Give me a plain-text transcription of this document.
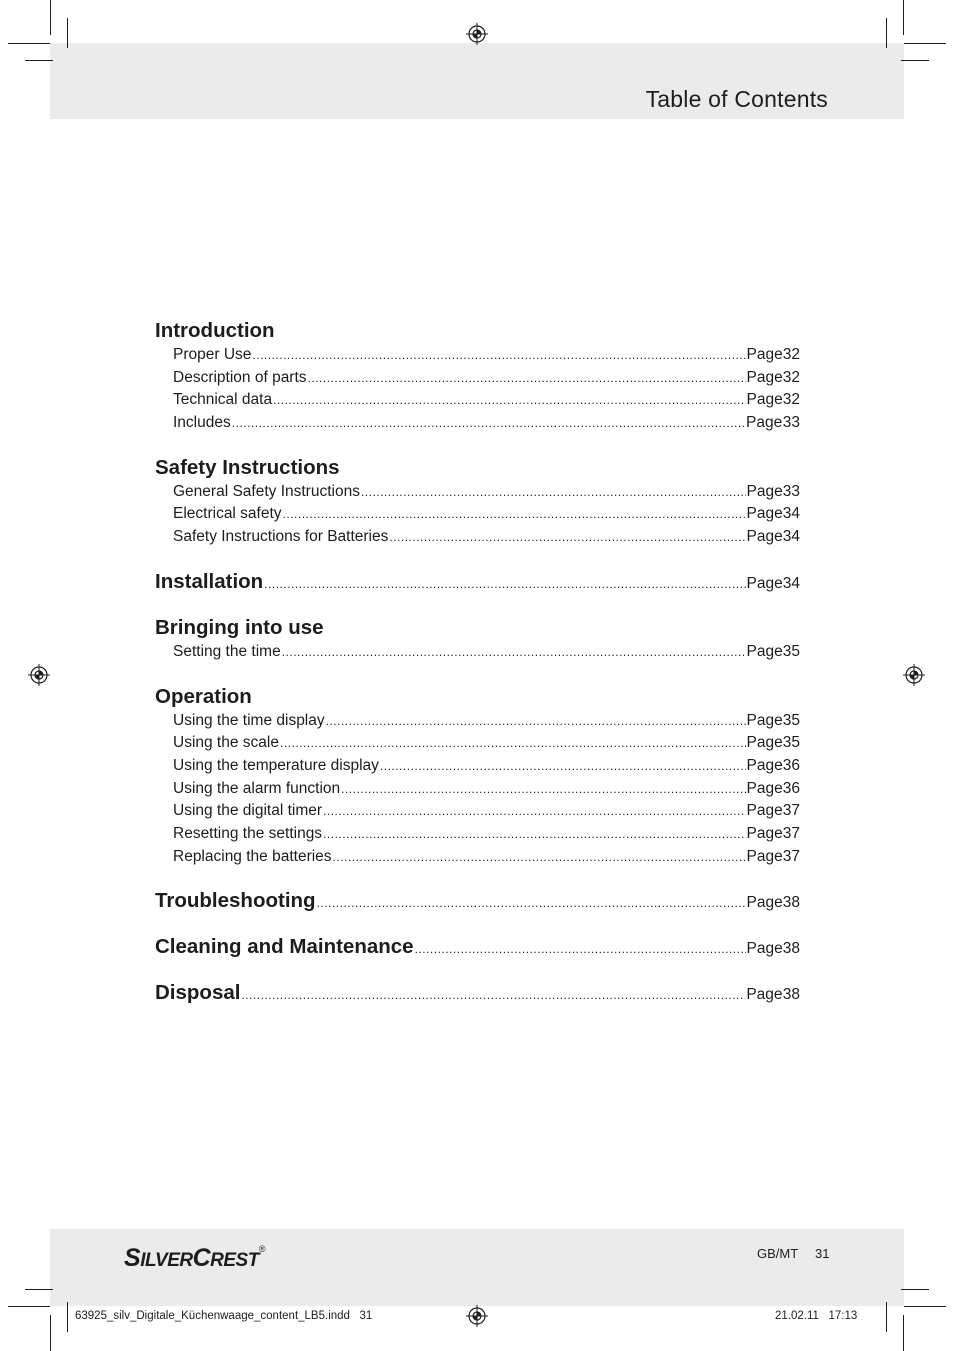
Table of Contents
Introduction
Proper Use .....	Page 32
Description of parts .....	Page 32
Technical data .....	Page 32
Includes .....	Page 33
Safety Instructions
General Safety Instructions .....	Page 33
Electrical safety .....	Page 34
Safety Instructions for Batteries .....	Page 34
Installation .....	Page 34
Bringing into use
Setting the time .....	Page 35
Operation
Using the time display .....	Page 35
Using the scale .....	Page 35
Using the temperature display .....	Page 36
Using the alarm function .....	Page 36
Using the digital timer .....	Page 37
Resetting the settings .....	Page 37
Replacing the batteries .....	Page 37
Troubleshooting .....	Page 38
Cleaning and Maintenance .....	Page 38
Disposal .....	Page 38
SILVERCREST®	GB/MT 31
63925_silv_Digitale_Küchenwaage_content_LB5.indd   31	21.02.11   17:13
